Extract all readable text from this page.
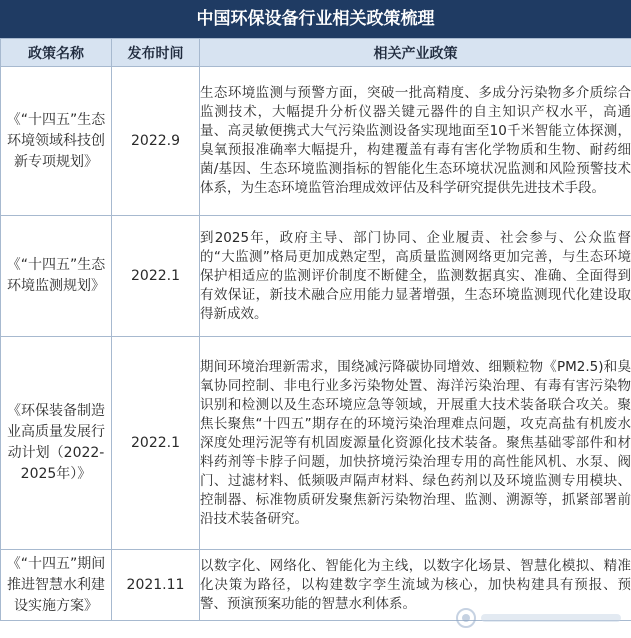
中国环保设备行业相关政策梳理
政策名称	发布时间	相关产业政策
《“十四五”生态环境领域科技创新专项规划》	2022.9	生态环境监测与预警方面，突破一批高精度、多成分污染物多介质综合监测技术，大幅提升分析仪器关键元器件的自主知识产权水平，高通量、高灵敏便携式大气污染监测设备实现地面至10千米智能立体探测，臭氧预报准确率大幅提升，构建覆盖有毒有害化学物质和生物、耐药细菌/基因、生态环境监测指标的智能化生态环境状况监测和风险预警技术体系，为生态环境监管治理成效评估及科学研究提供先进技术手段。
《“十四五”生态环境监测规划》	2022.1	到2025年，政府主导、部门协同、企业履责、社会参与、公众监督的“大监测”格局更加成熟定型，高质量监测网络更加完善，与生态环境保护相适应的监测评价制度不断健全，监测数据真实、准确、全面得到有效保证，新技术融合应用能力显著增强，生态环境监测现代化建设取得新成效。
《环保装备制造业高质量发展行动计划（2022-2025年）》	2022.1	期间环境治理新需求，围绕减污降碳协同增效、细颗粒物《PM2.5)和臭氧协同控制、非电行业多污染物处置、海洋污染治理、有毒有害污染物识别和检测以及生态环境应急等领域，开展重大技术装备联合攻关。聚焦长聚焦“十四五”期存在的环境污染治理难点问题，攻克高盐有机废水深度处理污泥等有机固废源量化资源化技术装备。聚焦基础零部件和材料药剂等卡脖子问题，加快挤境污染治理专用的高性能风机、水泵、阀门、过滤材料、低频吸声隔声材料、绿色药剂以及环境监测专用模块、控制器、标准物质研发聚焦新污染物治理、监测、溯源等，抓紧部署前沿技术装备研究。
《“十四五”期间推进智慧水利建设实施方案》	2021.11	以数字化、网络化、智能化为主线，以数字化场景、智慧化模拟、精准化决策为路径，以构建数字孪生流域为核心，加快构建具有预报、预警、预演预案功能的智慧水利体系。
